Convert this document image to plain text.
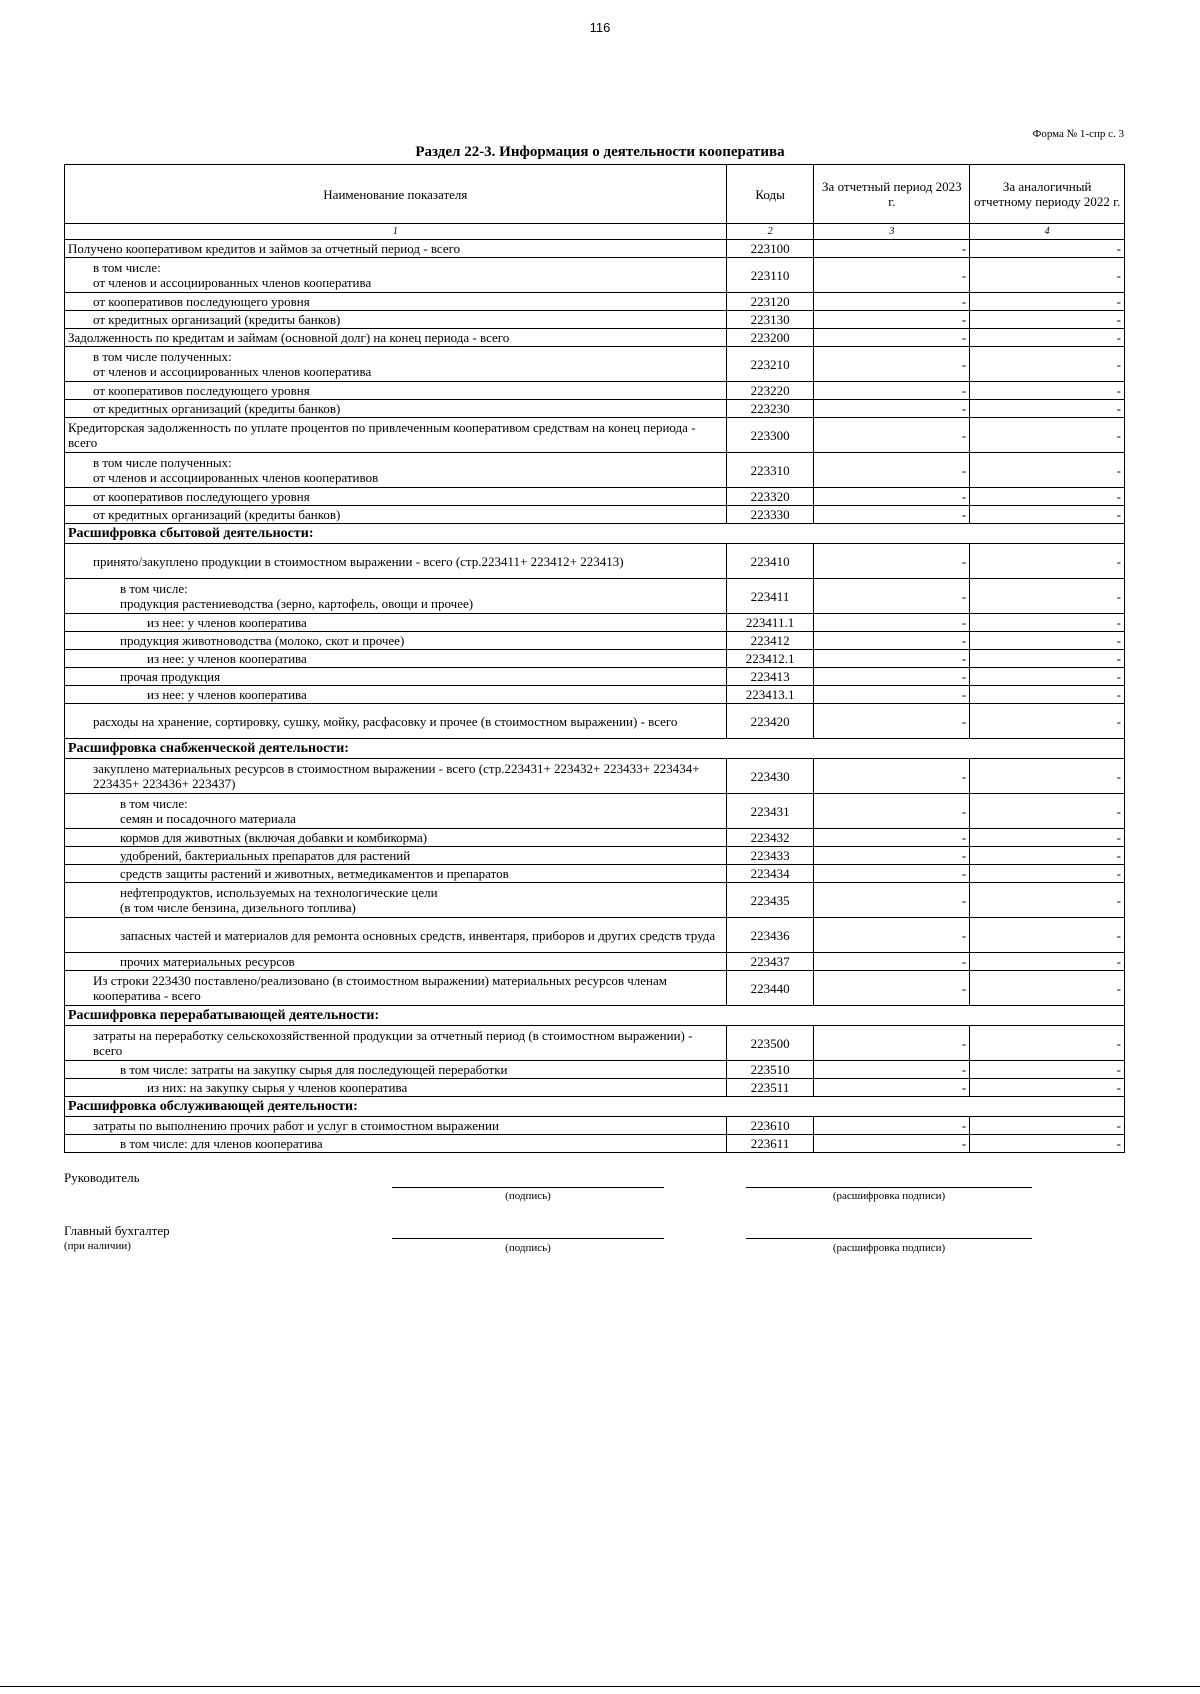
116
Форма № 1-спр с. 3
Раздел 22-3. Информация о деятельности кооператива
Наименование показателя	Коды	За отчетный период 2023 г.	За аналогичный отчетному периоду 2022 г.
1	2	3	4
Получено кооперативом кредитов и займов за отчетный период - всего	223100	-	-
в том числе:
от членов и ассоциированных членов кооператива	223110	-	-
от кооперативов последующего уровня	223120	-	-
от кредитных организаций (кредиты банков)	223130	-	-
Задолженность по кредитам и займам (основной долг) на конец периода - всего	223200	-	-
в том числе полученных:
от членов и ассоциированных членов кооператива	223210	-	-
от кооперативов последующего уровня	223220	-	-
от кредитных организаций (кредиты банков)	223230	-	-
Кредиторская задолженность по уплате процентов по привлеченным кооперативом средствам на конец периода - всего	223300	-	-
в том числе полученных:
от членов и ассоциированных членов кооперативов	223310	-	-
от кооперативов последующего уровня	223320	-	-
от кредитных организаций (кредиты банков)	223330	-	-
Расшифровка сбытовой деятельности:			
принято/закуплено продукции в стоимостном выражении - всего (стр.223411+ 223412+ 223413)	223410	-	-
в том числе:
продукция растениеводства (зерно, картофель, овощи и прочее)	223411	-	-
из нее: у членов кооператива	223411.1	-	-
продукция животноводства (молоко, скот и прочее)	223412	-	-
из нее: у членов кооператива	223412.1	-	-
прочая продукция	223413	-	-
из нее: у членов кооператива	223413.1	-	-
расходы на хранение, сортировку, сушку, мойку, расфасовку и прочее (в стоимостном выражении) - всего	223420	-	-
Расшифровка снабженческой деятельности:			
закуплено материальных ресурсов в стоимостном выражении - всего (стр.223431+ 223432+ 223433+ 223434+ 223435+ 223436+ 223437)	223430	-	-
в том числе:
семян и посадочного материала	223431	-	-
кормов для животных (включая добавки и комбикорма)	223432	-	-
удобрений, бактериальных препаратов для растений	223433	-	-
средств защиты растений и животных, ветмедикаментов и препаратов	223434	-	-
нефтепродуктов, используемых на технологические цели
(в том числе бензина, дизельного топлива)	223435	-	-
запасных частей и материалов для ремонта основных средств, инвентаря, приборов и других средств труда	223436	-	-
прочих материальных ресурсов	223437	-	-
Из строки 223430 поставлено/реализовано (в стоимостном выражении) материальных ресурсов членам кооператива - всего	223440	-	-
Расшифровка перерабатывающей деятельности:			
затраты на переработку сельскохозяйственной продукции за отчетный период (в стоимостном выражении) - всего	223500	-	-
в том числе: затраты на закупку сырья для последующей переработки	223510	-	-
из них: на закупку сырья у членов кооператива	223511	-	-
Расшифровка обслуживающей деятельности:			
затраты по выполнению прочих работ и услуг в стоимостном выражении	223610	-	-
в том числе: для членов кооператива	223611	-	-
Руководитель
(подпись)	(расшифровка подписи)
Главный бухгалтер
(при наличии)	(подпись)	(расшифровка подписи)
